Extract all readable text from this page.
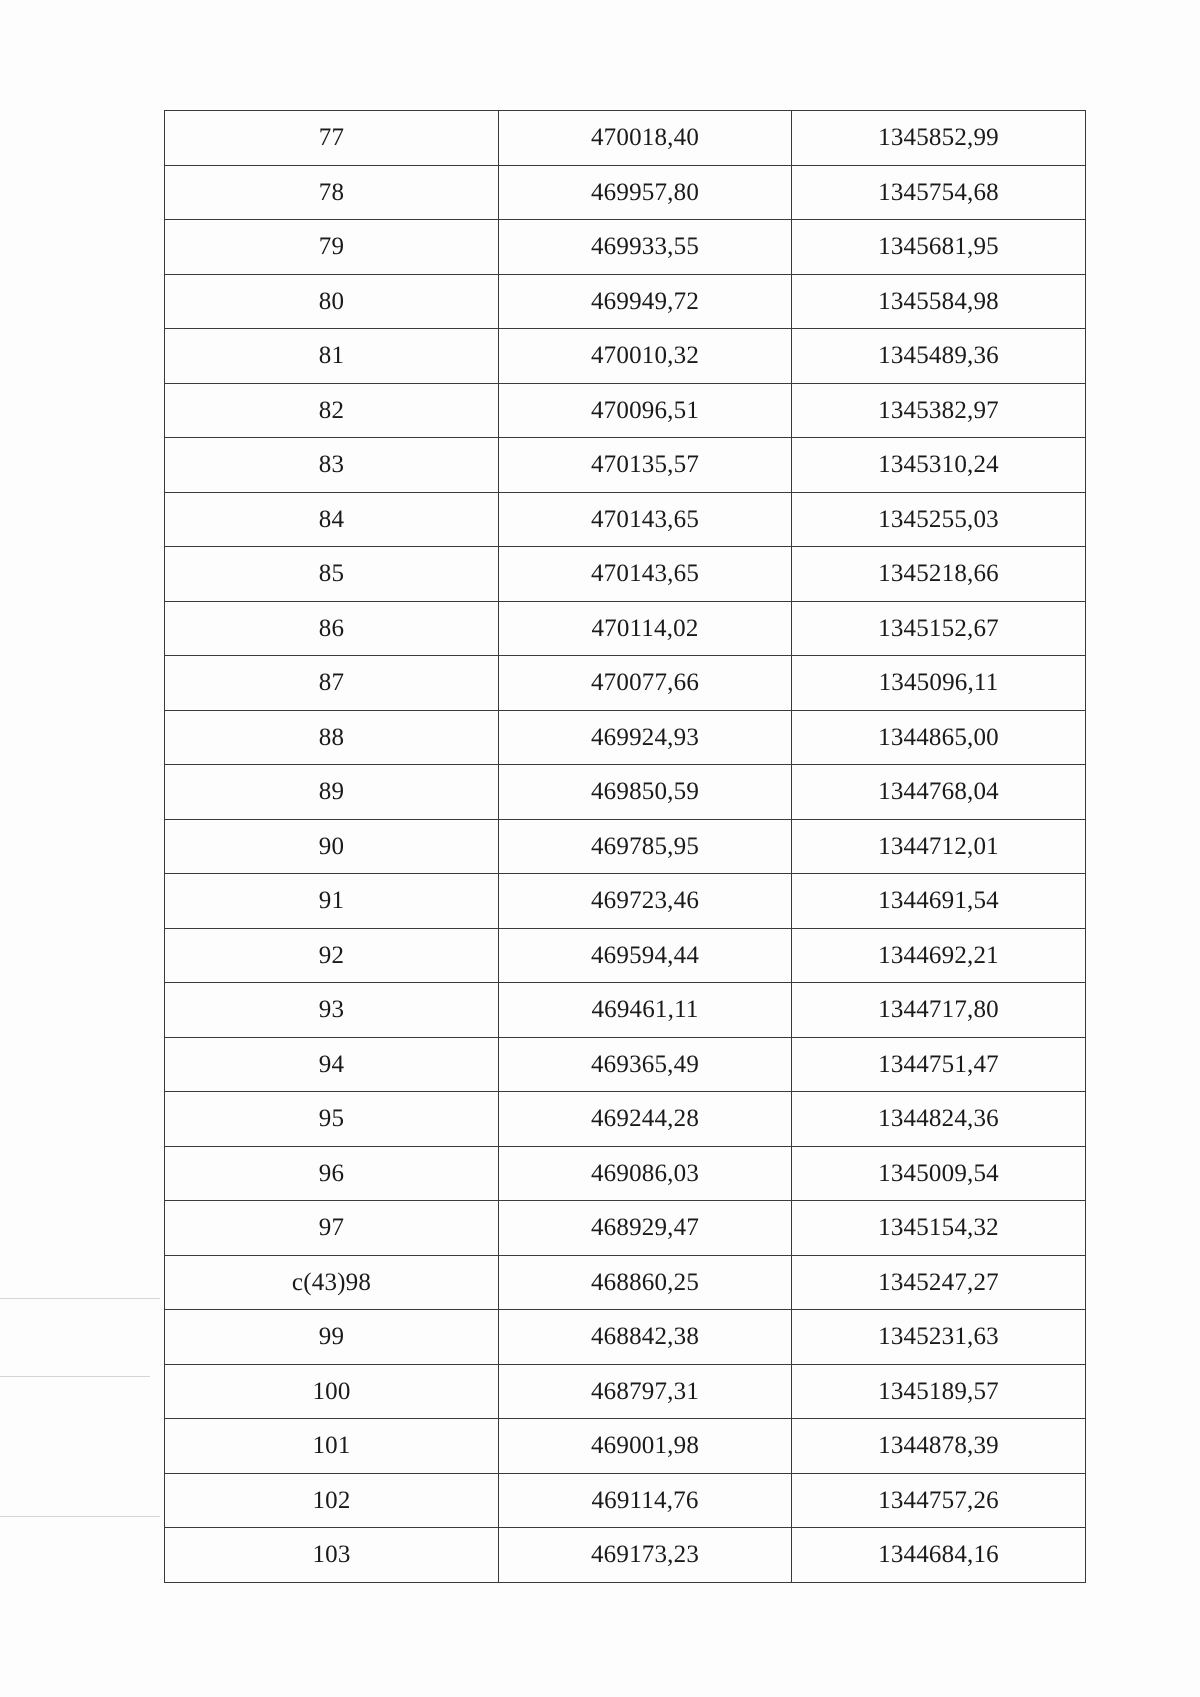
77	470018,40	1345852,99
78	469957,80	1345754,68
79	469933,55	1345681,95
80	469949,72	1345584,98
81	470010,32	1345489,36
82	470096,51	1345382,97
83	470135,57	1345310,24
84	470143,65	1345255,03
85	470143,65	1345218,66
86	470114,02	1345152,67
87	470077,66	1345096,11
88	469924,93	1344865,00
89	469850,59	1344768,04
90	469785,95	1344712,01
91	469723,46	1344691,54
92	469594,44	1344692,21
93	469461,11	1344717,80
94	469365,49	1344751,47
95	469244,28	1344824,36
96	469086,03	1345009,54
97	468929,47	1345154,32
c(43)98	468860,25	1345247,27
99	468842,38	1345231,63
100	468797,31	1345189,57
101	469001,98	1344878,39
102	469114,76	1344757,26
103	469173,23	1344684,16
